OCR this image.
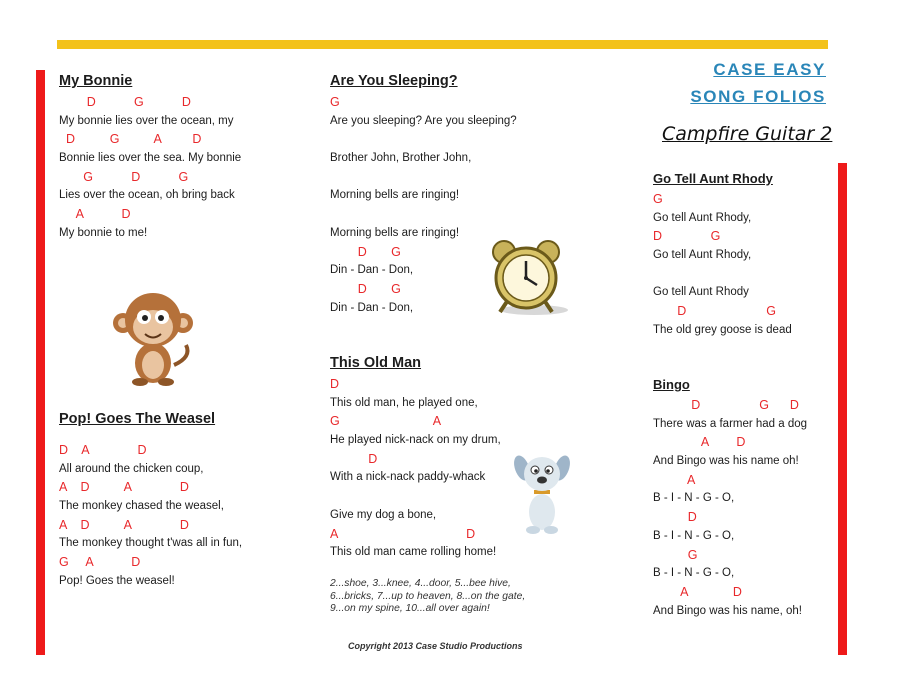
My Bonnie
D           G           D
My bonnie lies over the ocean, my
D          G          A         D
Bonnie lies over the sea. My bonnie
G           D           G
Lies over the ocean, oh bring back
A           D
My bonnie to me!
Pop! Goes The Weasel
D    A              D
All around the chicken coup,
A    D          A              D
The monkey chased the weasel,
A    D          A              D
The monkey thought t'was all in fun,
G     A           D
Pop! Goes the weasel!
Are You Sleeping?
G
Are you sleeping? Are you sleeping?
Brother John, Brother John,
Morning bells are ringing!
Morning bells are ringing!
D       G
Din - Dan - Don,
D       G
Din - Dan - Don,
This Old Man
D
This old man, he played one,
G                           A
He played nick-nack on my drum,
D
With a nick-nack paddy-whack
Give my dog a bone,
A                                     D
This old man came rolling home!
2...shoe, 3...knee, 4...door, 5...bee hive,
6...bricks, 7...up to heaven, 8...on the gate,
9...on my spine, 10...all over again!
Copyright 2013 Case Studio Productions
CASE EASY
SONG FOLIOS
Campfire Guitar 2
Go Tell Aunt Rhody
G
Go tell Aunt Rhody,
D              G
Go tell Aunt Rhody,
Go tell Aunt Rhody
D                       G
The old grey goose is dead
Bingo
D                 G      D
There was a farmer had a dog
A        D
And Bingo was his name oh!
A
B - I - N - G - O,
D
B - I - N - G - O,
G
B - I - N - G - O,
A             D
And Bingo was his name, oh!
